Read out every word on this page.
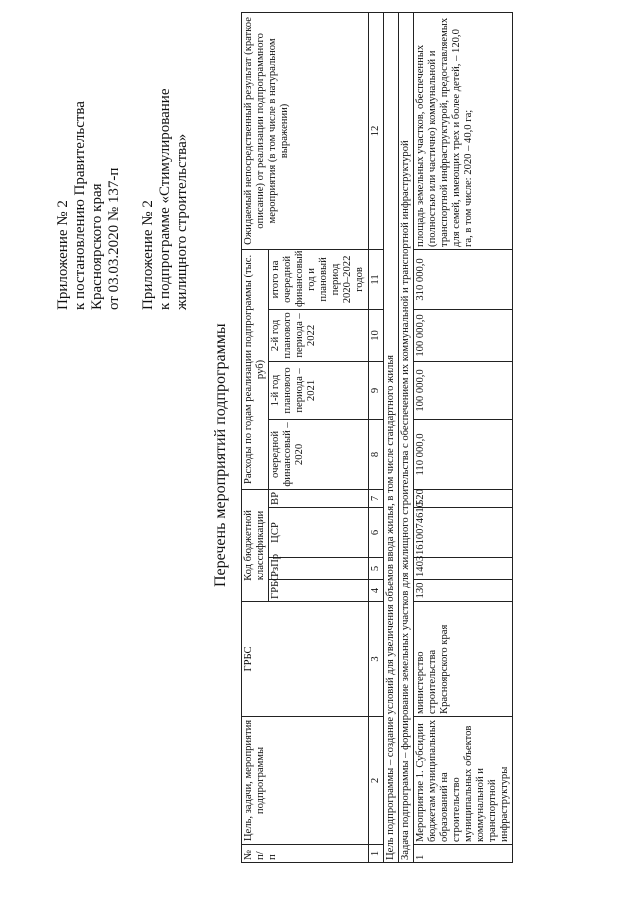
Приложение № 2 к постановлению Правительства Красноярского края от 03.03.2020 № 137-п Приложение № 2 к подпрограмме «Стимулирование жилищного строительства»
Перечень мероприятий подпрограммы
№ п/п	Цель, задачи, мероприятия подпрограммы	ГРБС	Код бюджетной классификации				Расходы по годам реализации подпрограммы (тыс. руб)				Ожидаемый непосредственный результат (краткое описание) от реализации подпрограммного мероприятия (в том числе в натуральном выражении)
			ГРБС	РзПр	ЦСР	ВР	очередной финансовый – 2020	1-й год планового периода – 2021	2-й год планового периода – 2022	итого на очередной финансовый год и плановый период 2020–2022 годов	

1	2	3	4	5	6	7	8	9	10	11	12
Цель подпрограммы – создание условий для увеличения объемов ввода жилья, в том числе стандартного жилья											
Задача подпрограммы – формирование земельных участков для жилищного строительства с обеспечением их коммунальной и транспортной инфраструктурой											
1	Мероприятие 1. Субсидии бюджетам муниципальных образований на строительство муниципальных объектов коммунальной и транспортной инфраструктуры	министерство строительства Красноярского края	130	1403	1610074610	520	110 000,0	100 000,0	100 000,0	310 000,0	площадь земельных участков, обеспеченных (полностью или частично) коммунальной и транспортной инфраструктурой, предоставляемых для семей, имеющих трех и более детей, – 120,0 га, в том числе: 2020 – 40,0 га;
